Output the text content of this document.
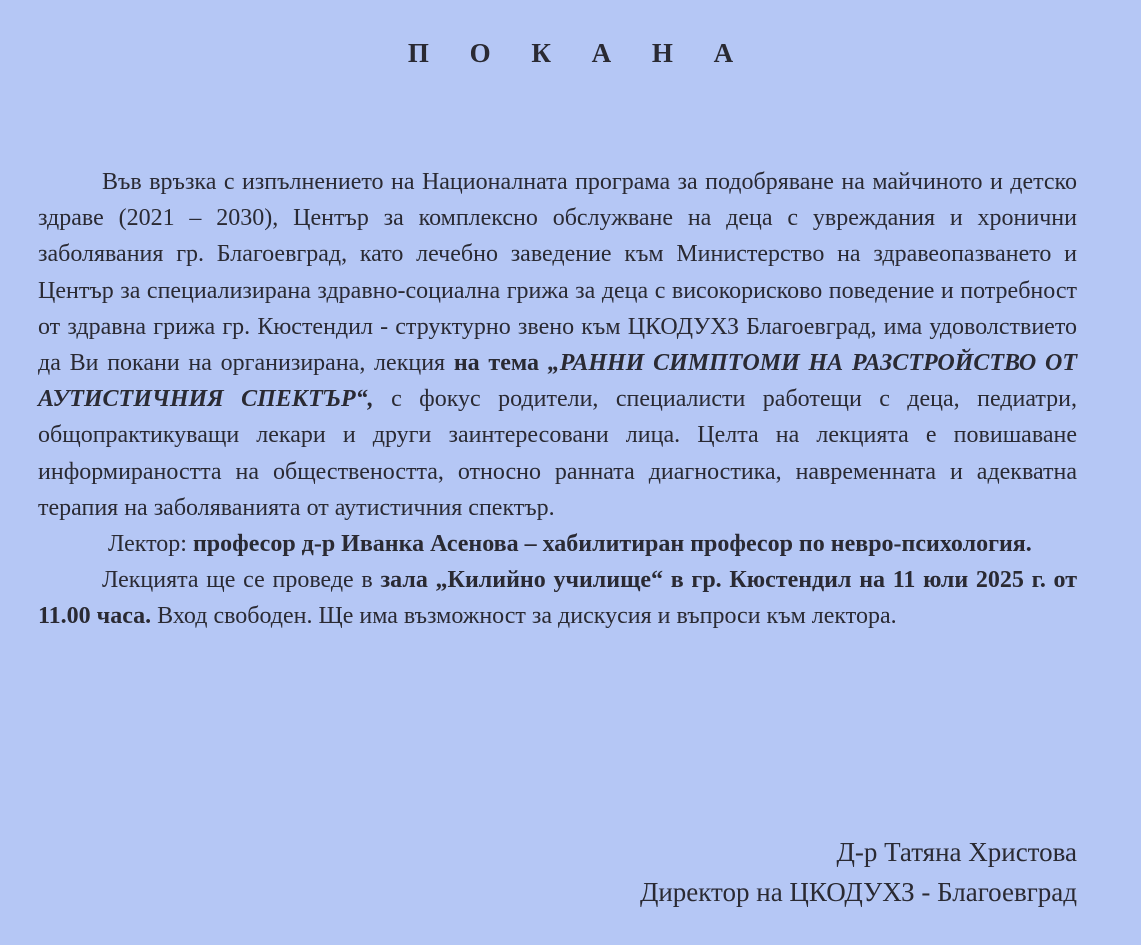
П О К А Н А

Във връзка с изпълнението на Националната програма за подобряване на майчиното и детско здраве (2021 – 2030), Център за комплексно обслужване на деца с увреждания и хронични заболявания гр. Благоевград, като лечебно заведение към Министерство на здравеопазването и Център за специализирана здравно-социална грижа за деца с високорисково поведение и потребност от здравна грижа гр. Кюстендил - структурно звено към ЦКОДУХЗ Благоевград, има удоволствието да Ви покани на организирана, лекция на тема „РАННИ СИМПТОМИ НА РАЗСТРОЙСТВО ОТ АУТИСТИЧНИЯ СПЕКТЪР“, с фокус родители, специалисти работещи с деца, педиатри, общопрактикуващи лекари и други заинтересовани лица. Целта на лекцията е повишаване информираността на обществеността, относно ранната диагностика, навременната и адекватна терапия на заболяванията от аутистичния спектър.

Лектор: професор д-р Иванка Асенова – хабилитиран професор по невро-психология.

Лекцията ще се проведе в зала „Килийно училище“ в гр. Кюстендил на 11 юли 2025 г. от 11.00 часа. Вход свободен. Ще има възможност за дискусия и въпроси към лектора.

Д-р Татяна Христова
Директор на ЦКОДУХЗ - Благоевград
